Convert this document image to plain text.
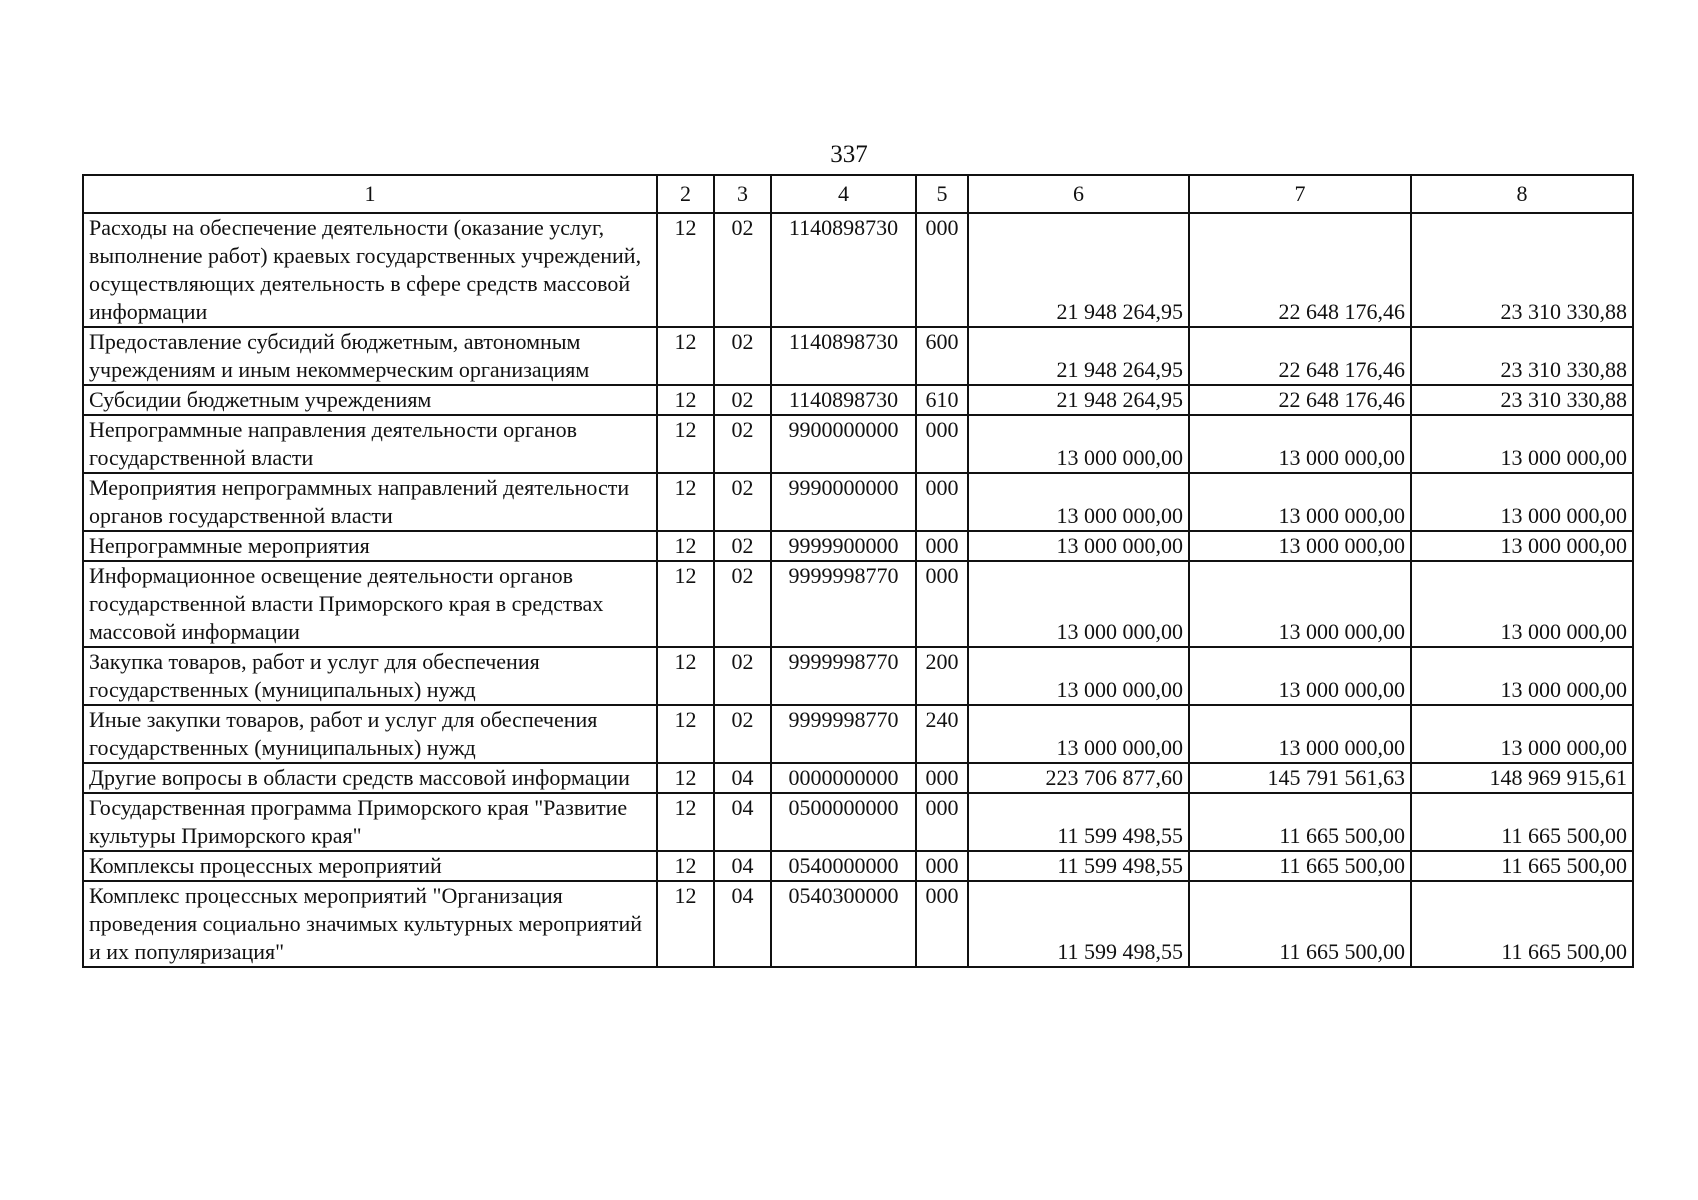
337
1	2	3	4	5	6	7	8
Расходы на обеспечение деятельности (оказание услуг, выполнение работ) краевых государственных учреждений, осуществляющих деятельность в сфере средств массовой информации	12	02	1140898730	000	21 948 264,95	22 648 176,46	23 310 330,88
Предоставление субсидий бюджетным, автономным учреждениям и иным некоммерческим организациям	12	02	1140898730	600	21 948 264,95	22 648 176,46	23 310 330,88
Субсидии бюджетным учреждениям	12	02	1140898730	610	21 948 264,95	22 648 176,46	23 310 330,88
Непрограммные направления деятельности органов государственной власти	12	02	9900000000	000	13 000 000,00	13 000 000,00	13 000 000,00
Мероприятия непрограммных направлений деятельности органов государственной власти	12	02	9990000000	000	13 000 000,00	13 000 000,00	13 000 000,00
Непрограммные мероприятия	12	02	9999900000	000	13 000 000,00	13 000 000,00	13 000 000,00
Информационное освещение деятельности органов государственной власти Приморского края в средствах массовой информации	12	02	9999998770	000	13 000 000,00	13 000 000,00	13 000 000,00
Закупка товаров, работ и услуг для обеспечения государственных (муниципальных) нужд	12	02	9999998770	200	13 000 000,00	13 000 000,00	13 000 000,00
Иные закупки товаров, работ и услуг для обеспечения государственных (муниципальных) нужд	12	02	9999998770	240	13 000 000,00	13 000 000,00	13 000 000,00
Другие вопросы в области средств массовой информации	12	04	0000000000	000	223 706 877,60	145 791 561,63	148 969 915,61
Государственная программа Приморского края "Развитие культуры Приморского края"	12	04	0500000000	000	11 599 498,55	11 665 500,00	11 665 500,00
Комплексы процессных мероприятий	12	04	0540000000	000	11 599 498,55	11 665 500,00	11 665 500,00
Комплекс процессных мероприятий "Организация проведения социально значимых культурных мероприятий и их популяризация"	12	04	0540300000	000	11 599 498,55	11 665 500,00	11 665 500,00
